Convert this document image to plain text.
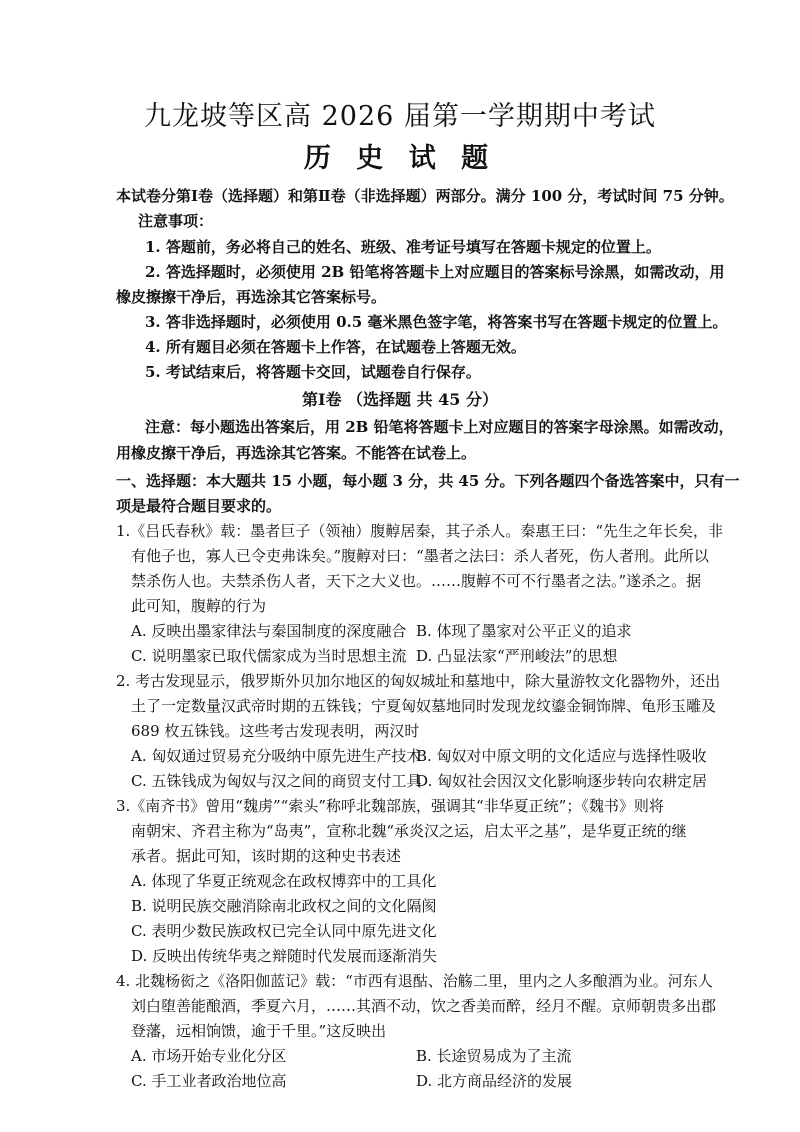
九龙坡等区高 2026 届第一学期期中考试
历 史 试 题
本试卷分第Ⅰ卷（选择题）和第Ⅱ卷（非选择题）两部分。满分 100 分，考试时间 75 分钟。
注意事项：
1. 答题前，务必将自己的姓名、班级、准考证号填写在答题卡规定的位置上。
2. 答选择题时，必须使用 2B 铅笔将答题卡上对应题目的答案标号涂黑，如需改动，用
橡皮擦擦干净后，再选涂其它答案标号。
3. 答非选择题时，必须使用 0.5 毫米黑色签字笔，将答案书写在答题卡规定的位置上。
4. 所有题目必须在答题卡上作答，在试题卷上答题无效。
5. 考试结束后，将答题卡交回，试题卷自行保存。
第Ⅰ卷 （选择题 共 45 分）
注意：每小题选出答案后，用 2B 铅笔将答题卡上对应题目的答案字母涂黑。如需改动，
用橡皮擦干净后，再选涂其它答案。不能答在试卷上。
一、选择题：本大题共 15 小题，每小题 3 分，共 45 分。下列各题四个备选答案中，只有一
项是最符合题目要求的。
1.《吕氏春秋》载：墨者巨子（领袖）腹䵍居秦，其子杀人。秦惠王曰：“先生之年长矣，非
有他子也，寡人已令吏弗诛矣。”腹䵍对曰：“墨者之法曰：杀人者死，伤人者刑。此所以
禁杀伤人也。夫禁杀伤人者，天下之大义也。……腹䵍不可不行墨者之法。”遂杀之。据
此可知，腹䵍的行为
A. 反映出墨家律法与秦国制度的深度融合 B. 体现了墨家对公平正义的追求
C. 说明墨家已取代儒家成为当时思想主流 D. 凸显法家“严刑峻法”的思想
2. 考古发现显示，俄罗斯外贝加尔地区的匈奴城址和墓地中，除大量游牧文化器物外，还出
土了一定数量汉武帝时期的五铢钱；宁夏匈奴墓地同时发现龙纹鎏金铜饰牌、龟形玉雕及
689 枚五铢钱。这些考古发现表明，两汉时
A. 匈奴通过贸易充分吸纳中原先进生产技术
B. 匈奴对中原文明的文化适应与选择性吸收
C. 五铢钱成为匈奴与汉之间的商贸支付工具
D. 匈奴社会因汉文化影响逐步转向农耕定居
3.《南齐书》曾用“魏虏”“索头”称呼北魏部族，强调其“非华夏正统”；《魏书》则将
南朝宋、齐君主称为“岛夷”，宣称北魏“承炎汉之运，启太平之基”，是华夏正统的继
承者。据此可知，该时期的这种史书表述
A. 体现了华夏正统观念在政权博弈中的工具化
B. 说明民族交融消除南北政权之间的文化隔阂
C. 表明少数民族政权已完全认同中原先进文化
D. 反映出传统华夷之辩随时代发展而逐渐消失
4. 北魏杨衒之《洛阳伽蓝记》载：“市西有退酤、治觞二里，里内之人多酿酒为业。河东人
刘白堕善能酿酒，季夏六月，……其酒不动，饮之香美而醉，经月不醒。京师朝贵多出郡
登藩，远相饷馈，逾于千里。”这反映出
A. 市场开始专业化分区	B. 长途贸易成为了主流
C. 手工业者政治地位高	D. 北方商品经济的发展
